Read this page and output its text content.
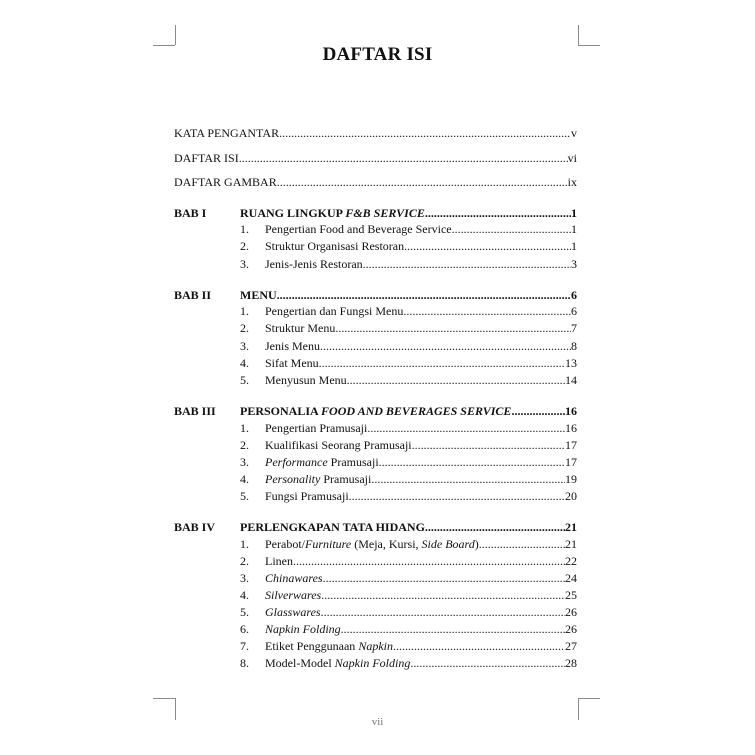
DAFTAR ISI
KATA PENGANTAR .....	v
DAFTAR ISI .....	vi
DAFTAR GAMBAR .....	ix
BAB I	RUANG LINGKUP F&B SERVICE .....	1
1.	Pengertian Food and Beverage Service .....	1
2.	Struktur Organisasi Restoran .....	1
3.	Jenis-Jenis Restoran .....	3
BAB II	MENU .....	6
1.	Pengertian dan Fungsi Menu .....	6
2.	Struktur Menu .....	7
3.	Jenis Menu .....	8
4.	Sifat Menu .....	13
5.	Menyusun Menu .....	14
BAB III	PERSONALIA FOOD AND BEVERAGES SERVICE .....	16
1.	Pengertian Pramusaji .....	16
2.	Kualifikasi Seorang Pramusaji .....	17
3.	Performance Pramusaji .....	17
4.	Personality Pramusaji .....	19
5.	Fungsi Pramusaji .....	20
BAB IV	PERLENGKAPAN TATA HIDANG .....	21
1.	Perabot/Furniture (Meja, Kursi, Side Board) .....	21
2.	Linen .....	22
3.	Chinawares .....	24
4.	Silverwares .....	25
5.	Glasswares .....	26
6.	Napkin Folding .....	26
7.	Etiket Penggunaan Napkin .....	27
8.	Model-Model Napkin Folding .....	28
vii
